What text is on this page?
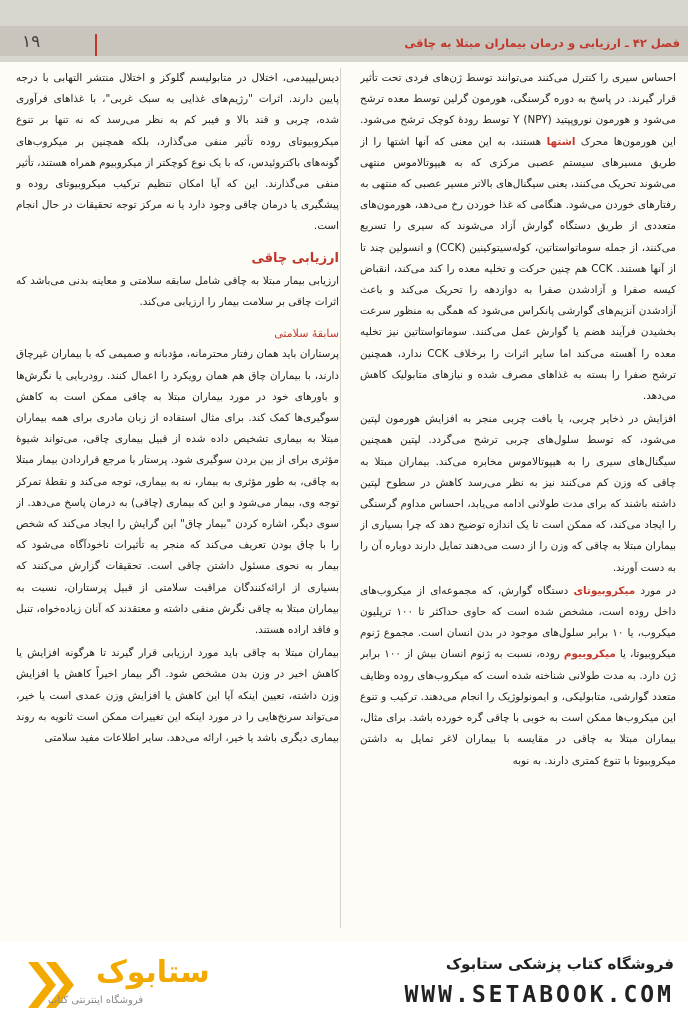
۱۹	فصل ۴۲ ـ ارزیابی و درمان بیماران مبتلا به چاقی

احساس سیری را کنترل می‌کنند می‌توانند توسط ژن‌های فردی تحت تأثیر قرار گیرند. در پاسخ به دوره گرسنگی، هورمون گرلین توسط معده ترشح می‌شود و هورمون نوروپپتید Y (NPY) توسط رودهٔ کوچک ترشح می‌شود. این هورمون‌ها محرک اشتها هستند، به این معنی که آنها اشتها را از طریق مسیرهای سیستم عصبی مرکزی که به هیپوتالاموس منتهی می‌شوند تحریک می‌کنند، یعنی سیگنال‌های بالاتر مسیر عصبی که منتهی به رفتارهای خوردن می‌شود. هنگامی که غذا خوردن رخ می‌دهد، هورمون‌های متعددی از طریق دستگاه گوارش آزاد می‌شوند که سیری را تسریع می‌کنند، از جمله سوماتواستاتین، کوله‌سیتوکینین (CCK) و انسولین چند تا از آنها هستند. CCK هم چنین حرکت و تخلیه معده را کند می‌کند، انقباض کیسه صفرا و آزادشدن صفرا به دوازدهه را تحریک می‌کند و باعث آزادشدن آنزیم‌های گوارشی پانکراس می‌شود که همگی به منظور سرعت بخشیدن فرآیند هضم یا گوارش عمل می‌کنند. سوماتواستاتین نیز تخلیه معده را آهسته می‌کند اما سایر اثرات را برخلاف CCK ندارد، همچنین ترشح صفرا را بسته به غذاهای مصرف شده و نیازهای متابولیک کاهش می‌دهد.

افزایش در ذخایر چربی، یا بافت چربی منجر به افزایش هورمون لپتین می‌شود، که توسط سلول‌های چربی ترشح می‌گردد. لپتین همچنین سیگنال‌های سیری را به هیپوتالاموس مخابره می‌کند. بیماران مبتلا به چاقی که وزن کم می‌کنند نیز به نظر می‌رسد کاهش در سطوح لپتین داشته باشند که برای مدت طولانی ادامه می‌یابد، احساس مداوم گرسنگی را ایجاد می‌کند، که ممکن است تا یک اندازه توضیح دهد که چرا بسیاری از بیماران مبتلا به چاقی که وزن را از دست می‌دهند تمایل دارند دوباره آن را به دست آورند.

در مورد میکروبیوتای دستگاه گوارش، که مجموعه‌ای از میکروب‌های داخل روده است، مشخص شده است که حاوی حداکثر تا ۱۰۰ تریلیون میکروب، یا ۱۰ برابر سلول‌های موجود در بدن انسان است. مجموع ژنوم میکروبیوتا، یا میکروبیوم روده، نسبت به ژنوم انسان بیش از ۱۰۰ برابر ژن دارد. به مدت طولانی شناخته شده است که میکروب‌های روده وظایف متعدد گوارشی، متابولیکی، و ایمونولوژیک را انجام می‌دهند. ترکیب و تنوع این میکروب‌ها ممکن است به خوبی با چاقی گره خورده باشد. برای مثال، بیماران مبتلا به چاقی در مقایسه با بیماران لاغر تمایل به داشتن میکروبیوتا با تنوع کمتری دارند. به نوبه

دیس‌لیپیدمی، اختلال در متابولیسم گلوکز و اختلال منتشر التهابی با درجه پایین دارند. اثرات "رژیم‌های غذایی به سبک غربی"، با غذاهای فرآوری شده، چربی و قند بالا و فیبر کم به نظر می‌رسد که نه تنها بر تنوع میکروبیوتای روده تأثیر منفی می‌گذارد، بلکه همچنین بر میکروب‌های گونه‌های باکتروئیدس، که با یک نوع کوچکتر از میکروبیوم همراه هستند، تأثیر منفی می‌گذارند. این که آیا امکان تنظیم ترکیب میکروبیوتای روده و پیشگیری یا درمان چاقی وجود دارد یا نه مرکز توجه تحقیقات در حال انجام است.

ارزیابی چاقی

ارزیابی بیمار مبتلا به چاقی شامل سابقه سلامتی و معاینه بدنی می‌باشد که اثرات چاقی بر سلامت بیمار را ارزیابی می‌کند.

سابقهٔ سلامتی

پرستاران باید همان رفتار محترمانه، مؤدبانه و صمیمی که با بیماران غیرچاق دارند، با بیماران چاق هم همان رویکرد را اعمال کنند. رودربایی یا نگرش‌ها و باورهای خود در مورد بیماران مبتلا به چاقی ممکن است به کاهش سوگیری‌ها کمک کند. برای مثال استفاده از زبان مادری برای همه بیماران مبتلا به بیماری تشخیص داده شده از قبیل بیماری چاقی، می‌تواند شیوهٔ مؤثری برای از بین بردن سوگیری شود. پرستار با مرجع قراردادن بیمار مبتلا به چاقی، به طور مؤثری به بیمار، نه به بیماری، توجه می‌کند و نقطهٔ تمرکز توجه وی، بیمار می‌شود و این که بیماری (چاقی) به درمان پاسخ می‌دهد. از سوی دیگر، اشاره کردن "بیمار چاق" این گرایش را ایجاد می‌کند که شخص را با چاق بودن تعریف می‌کند که منجر به تأثیرات ناخودآگاه می‌شود که بیمار به نحوی مسئول داشتن چاقی است. تحقیقات گزارش می‌کنند که بسیاری از ارائه‌کنندگان مراقبت سلامتی از قبیل پرستاران، نسبت به بیماران مبتلا به چاقی نگرش منفی داشته و معتقدند که آنان زیاده‌خواه، تنبل و فاقد اراده هستند.

بیماران مبتلا به چاقی باید مورد ارزیابی قرار گیرند تا هرگونه افزایش یا کاهش اخیر در وزن بدن مشخص شود. اگر بیمار اخیراً کاهش یا افزایش وزن داشته، تعیین اینکه آیا این کاهش یا افزایش وزن عمدی است یا خیر، می‌تواند سرنخ‌هایی را در مورد اینکه این تغییرات ممکن است ثانویه به روند بیماری دیگری باشد یا خیر، ارائه می‌دهد. سایر اطلاعات مفید سلامتی

ستابوک
فروشگاه اینترنتی کتاب
فروشگاه کتاب پزشکی ستابوک
WWW.SETABOOK.COM
